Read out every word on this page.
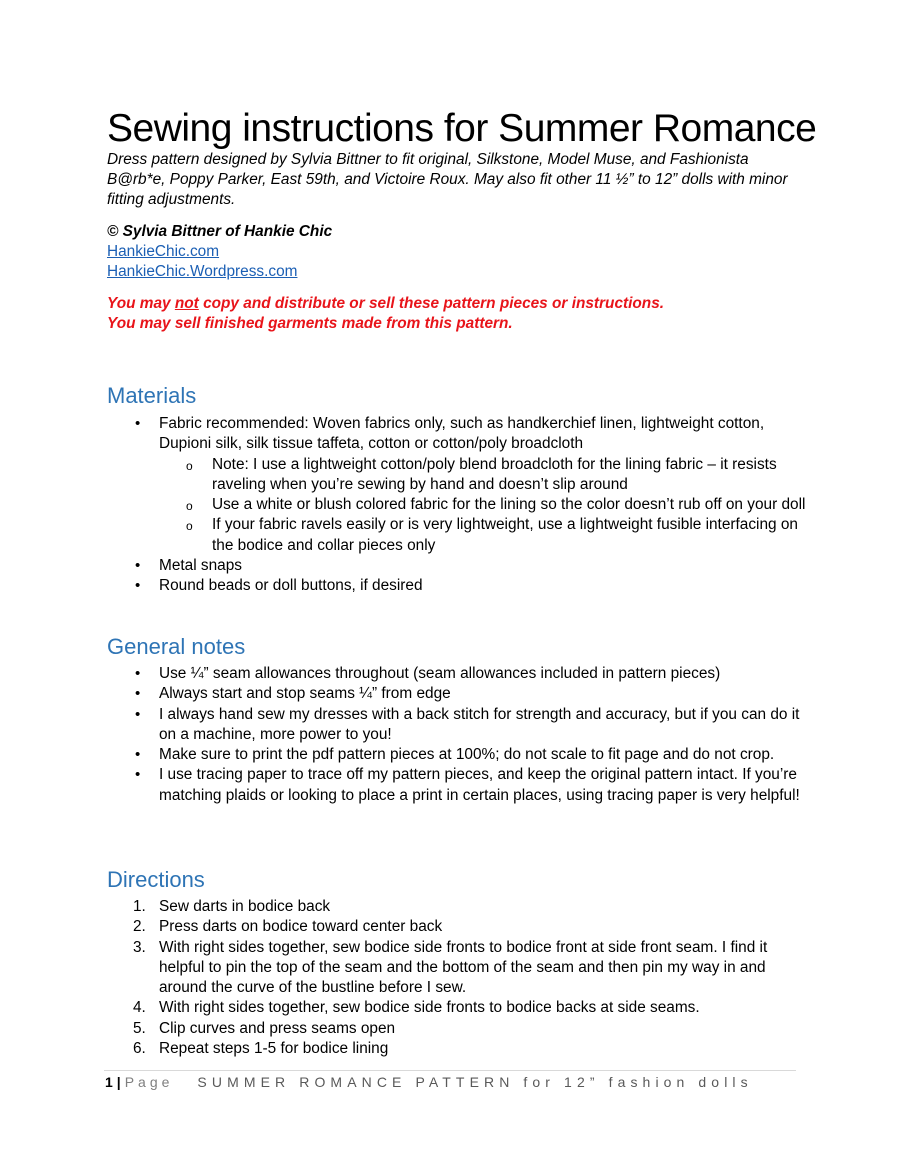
Sewing instructions for Summer Romance
Dress pattern designed by Sylvia Bittner to fit original, Silkstone, Model Muse, and Fashionista B@rb*e, Poppy Parker, East 59th, and Victoire Roux. May also fit other 11 ½” to 12” dolls with minor fitting adjustments.
© Sylvia Bittner of Hankie Chic
HankieChic.com
HankieChic.Wordpress.com
You may not copy and distribute or sell these pattern pieces or instructions.
You may sell finished garments made from this pattern.
Materials
• Fabric recommended: Woven fabrics only, such as handkerchief linen, lightweight cotton, Dupioni silk, silk tissue taffeta, cotton or cotton/poly broadcloth
o Note: I use a lightweight cotton/poly blend broadcloth for the lining fabric – it resists raveling when you’re sewing by hand and doesn’t slip around
o Use a white or blush colored fabric for the lining so the color doesn’t rub off on your doll
o If your fabric ravels easily or is very lightweight, use a lightweight fusible interfacing on the bodice and collar pieces only
• Metal snaps
• Round beads or doll buttons, if desired
General notes
• Use ¼” seam allowances throughout (seam allowances included in pattern pieces)
• Always start and stop seams ¼” from edge
• I always hand sew my dresses with a back stitch for strength and accuracy, but if you can do it on a machine, more power to you!
• Make sure to print the pdf pattern pieces at 100%; do not scale to fit page and do not crop.
• I use tracing paper to trace off my pattern pieces, and keep the original pattern intact. If you’re matching plaids or looking to place a print in certain places, using tracing paper is very helpful!
Directions
1. Sew darts in bodice back
2. Press darts on bodice toward center back
3. With right sides together, sew bodice side fronts to bodice front at side front seam. I find it helpful to pin the top of the seam and the bottom of the seam and then pin my way in and around the curve of the bustline before I sew.
4. With right sides together, sew bodice side fronts to bodice backs at side seams.
5. Clip curves and press seams open
6. Repeat steps 1-5 for bodice lining
1 | Page SUMMER ROMANCE PATTERN for 12” fashion dolls
